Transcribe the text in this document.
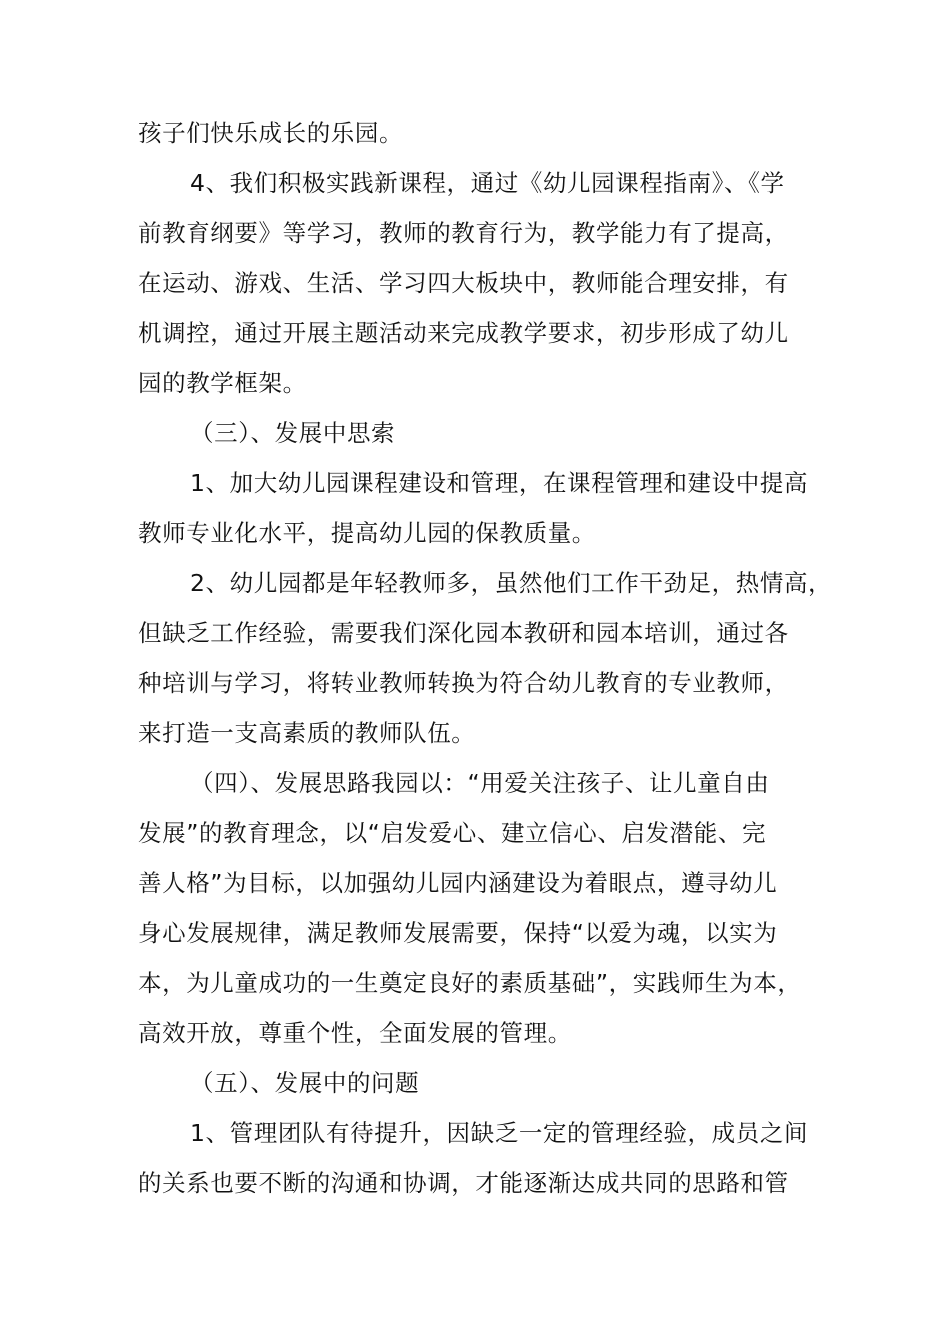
孩子们快乐成长的乐园。
4、我们积极实践新课程，通过《幼儿园课程指南》、《学
前教育纲要》等学习，教师的教育行为，教学能力有了提高，
在运动、游戏、生活、学习四大板块中，教师能合理安排，有
机调控，通过开展主题活动来完成教学要求，初步形成了幼儿
园的教学框架。
（三）、发展中思索
1、加大幼儿园课程建设和管理，在课程管理和建设中提高
教师专业化水平，提高幼儿园的保教质量。
2、幼儿园都是年轻教师多，虽然他们工作干劲足，热情高，
但缺乏工作经验，需要我们深化园本教研和园本培训，通过各
种培训与学习，将转业教师转换为符合幼儿教育的专业教师，
来打造一支高素质的教师队伍。
（四）、发展思路我园以：“用爱关注孩子、让儿童自由
发展”的教育理念，以“启发爱心、建立信心、启发潜能、完
善人格”为目标，以加强幼儿园内涵建设为着眼点，遵寻幼儿
身心发展规律，满足教师发展需要，保持“以爱为魂，以实为
本，为儿童成功的一生奠定良好的素质基础”，实践师生为本，
高效开放，尊重个性，全面发展的管理。
（五）、发展中的问题
1、管理团队有待提升，因缺乏一定的管理经验，成员之间
的关系也要不断的沟通和协调，才能逐渐达成共同的思路和管
